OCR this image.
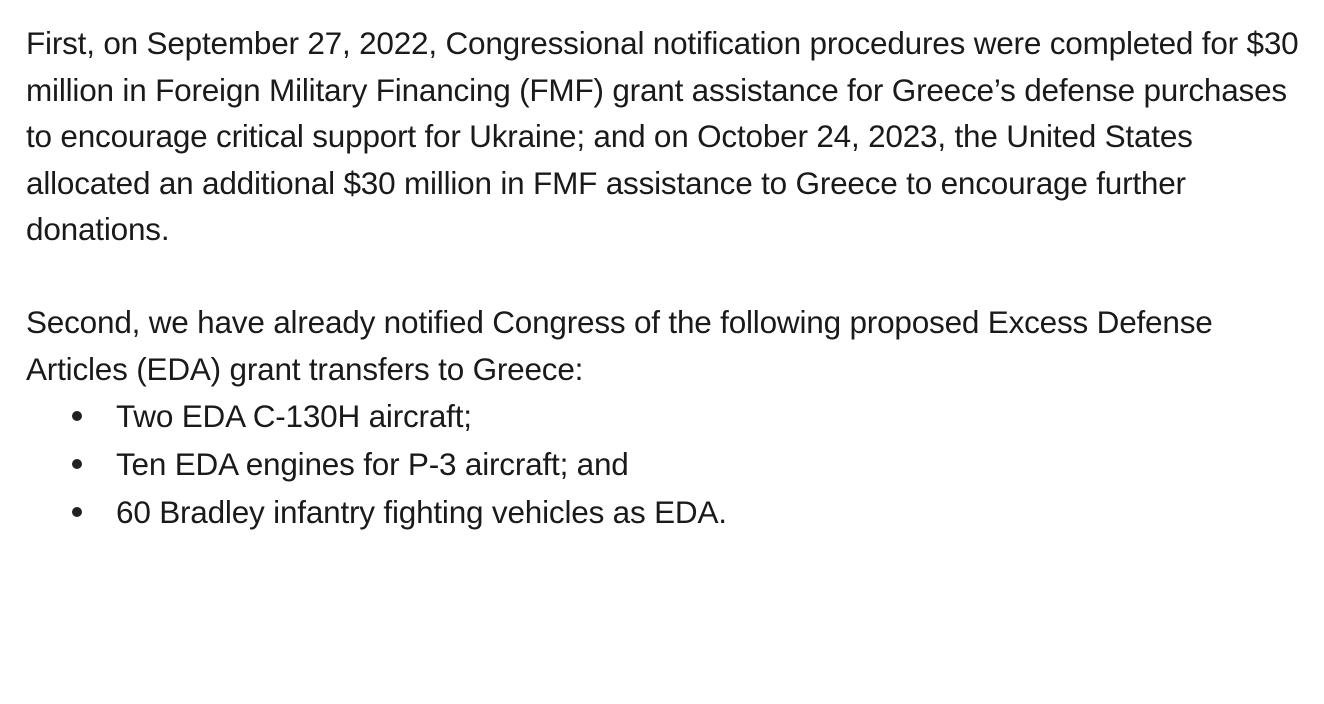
First, on September 27, 2022, Congressional notification procedures were completed for $30 million in Foreign Military Financing (FMF) grant assistance for Greece’s defense purchases to encourage critical support for Ukraine; and on October 24, 2023, the United States allocated an additional $30 million in FMF assistance to Greece to encourage further donations.

Second, we have already notified Congress of the following proposed Excess Defense Articles (EDA) grant transfers to Greece:

Two EDA C-130H aircraft;
Ten EDA engines for P-3 aircraft; and
60 Bradley infantry fighting vehicles as EDA.
